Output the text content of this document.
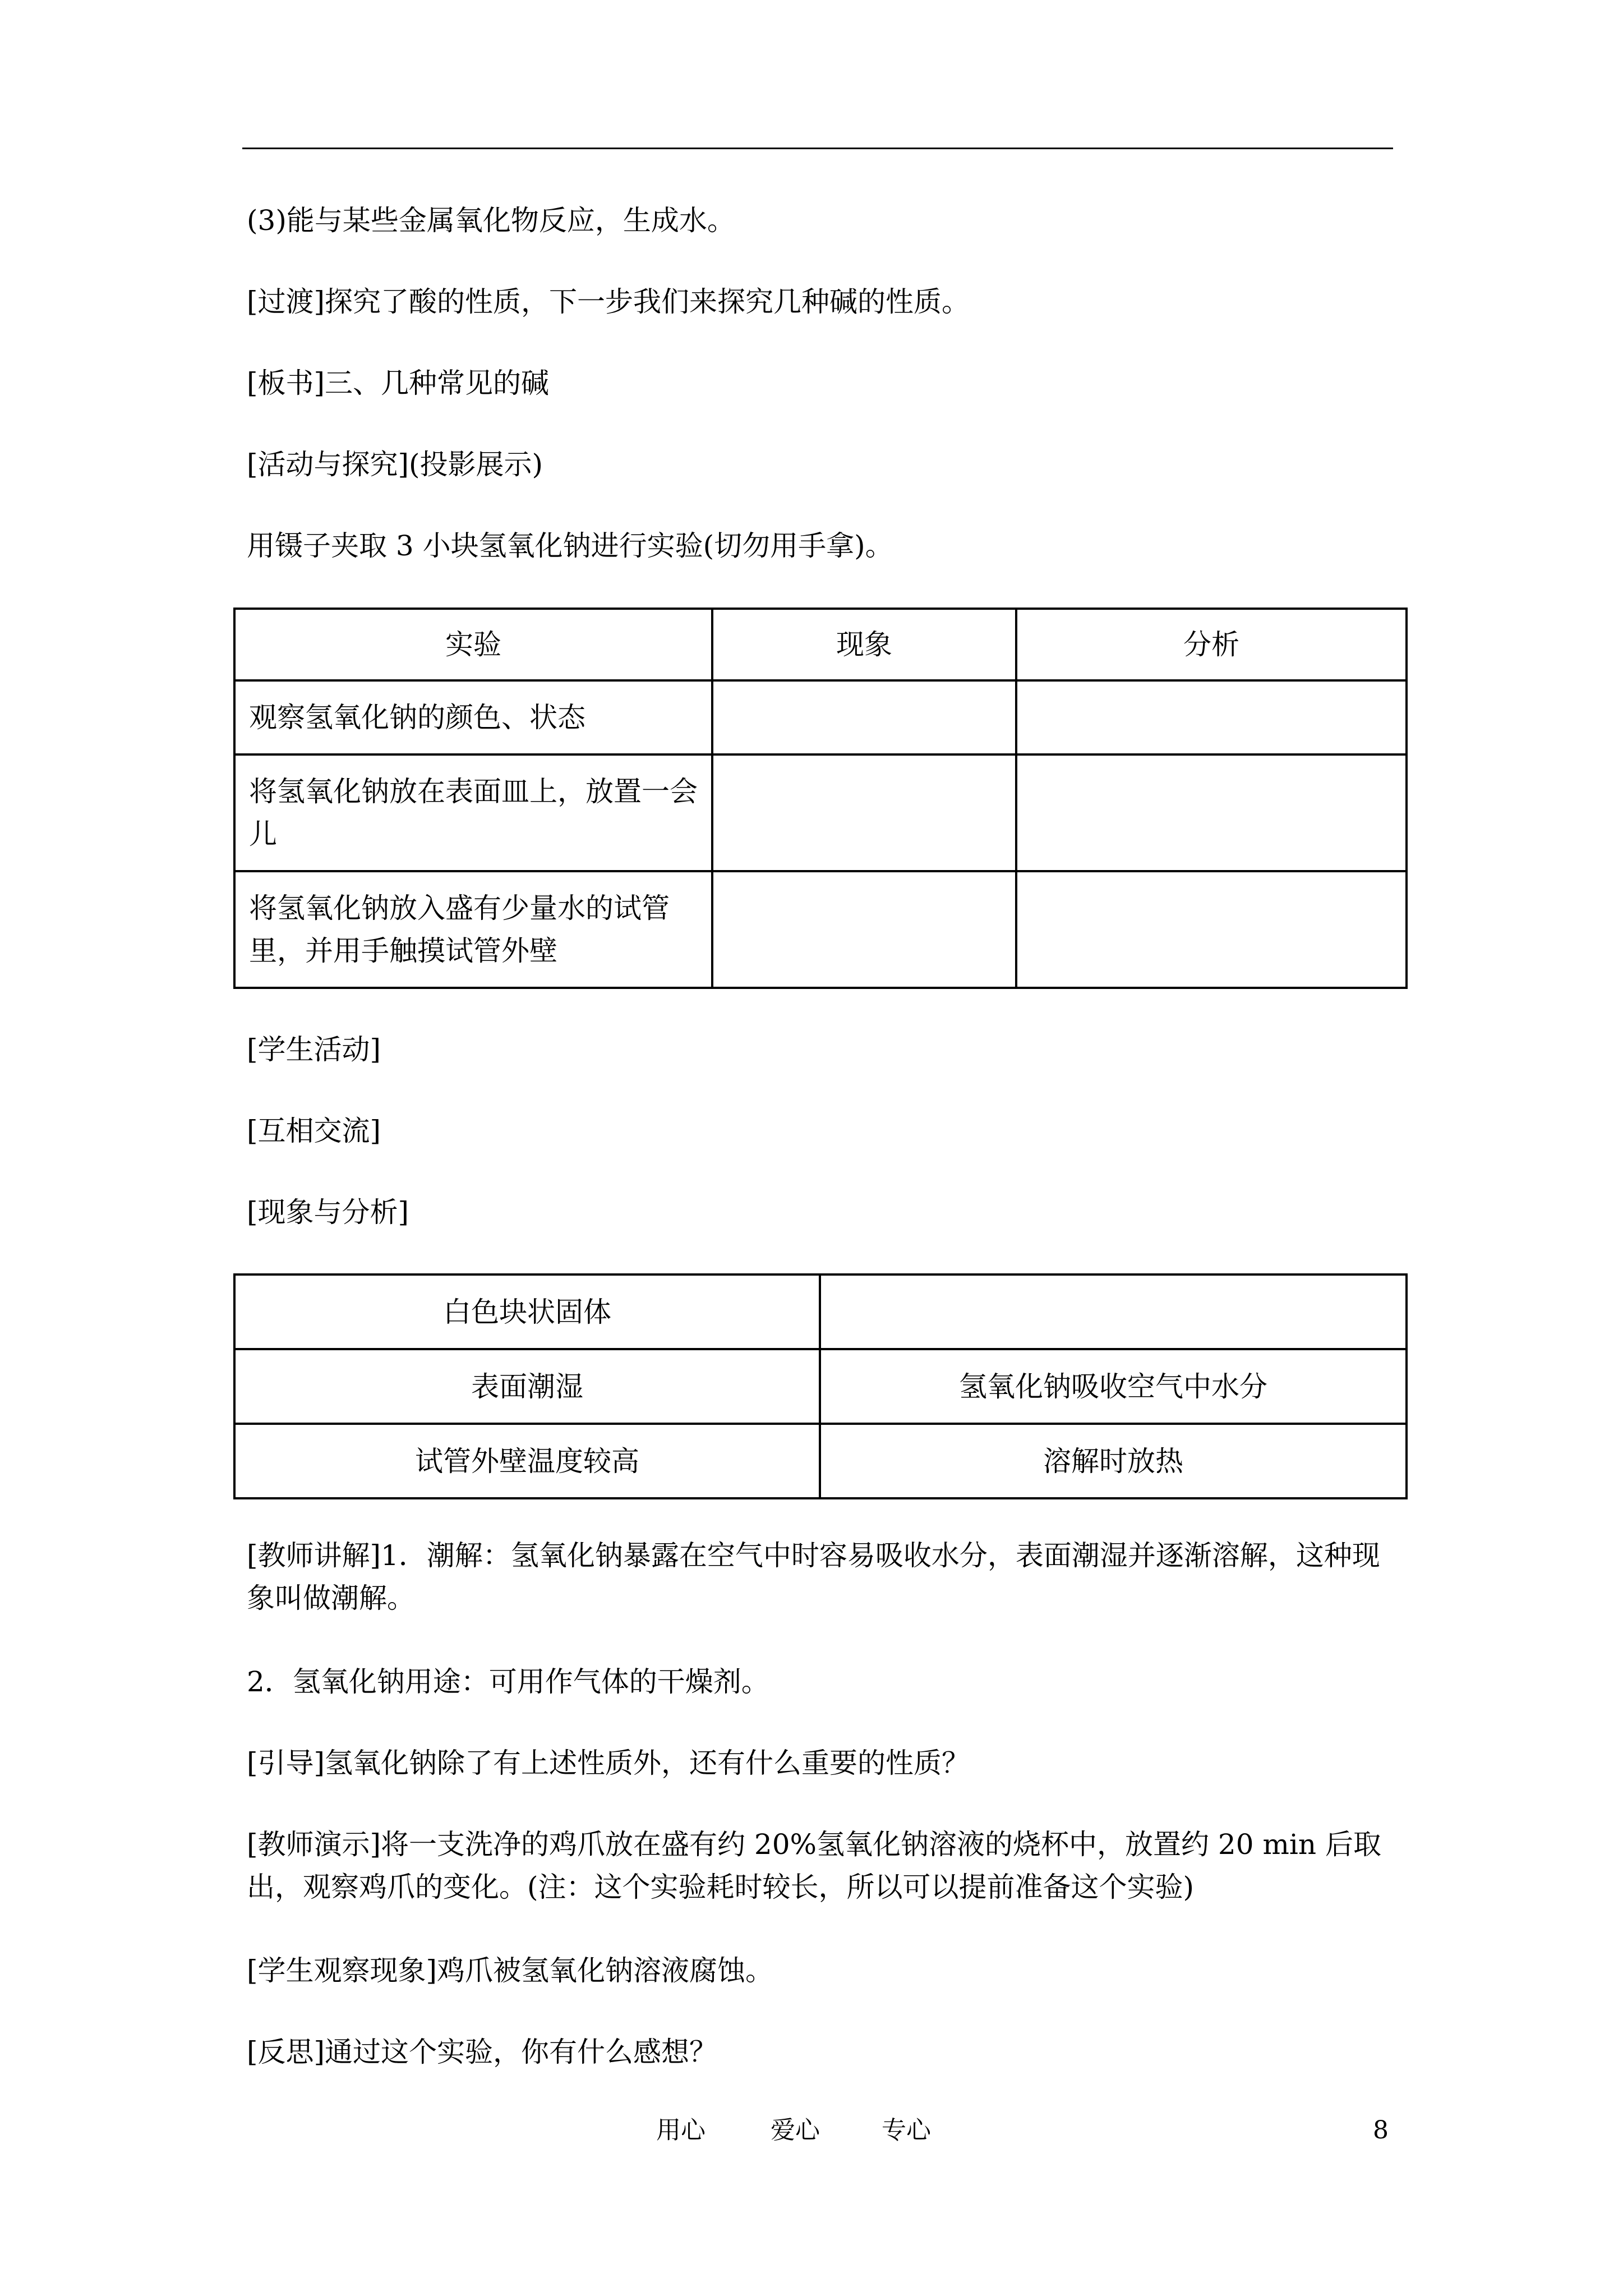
(3)能与某些金属氧化物反应，生成水。
[过渡]探究了酸的性质，下一步我们来探究几种碱的性质。
[板书]三、几种常见的碱
[活动与探究](投影展示)
用镊子夹取 3 小块氢氧化钠进行实验(切勿用手拿)。
实验	现象	分析
观察氢氧化钠的颜色、状态		
将氢氧化钠放在表面皿上，放置一会儿		
将氢氧化钠放入盛有少量水的试管里，并用手触摸试管外壁		
[学生活动]
[互相交流]
[现象与分析]
白色块状固体	
表面潮湿	氢氧化钠吸收空气中水分
试管外壁温度较高	溶解时放热
[教师讲解]1．潮解：氢氧化钠暴露在空气中时容易吸收水分，表面潮湿并逐渐溶解，这种现象叫做潮解。
2．氢氧化钠用途：可用作气体的干燥剂。
[引导]氢氧化钠除了有上述性质外，还有什么重要的性质？
[教师演示]将一支洗净的鸡爪放在盛有约 20%氢氧化钠溶液的烧杯中，放置约 20 min 后取出，观察鸡爪的变化。(注：这个实验耗时较长，所以可以提前准备这个实验)
[学生观察现象]鸡爪被氢氧化钠溶液腐蚀。
[反思]通过这个实验，你有什么感想？
用心	爱心	专心	8
